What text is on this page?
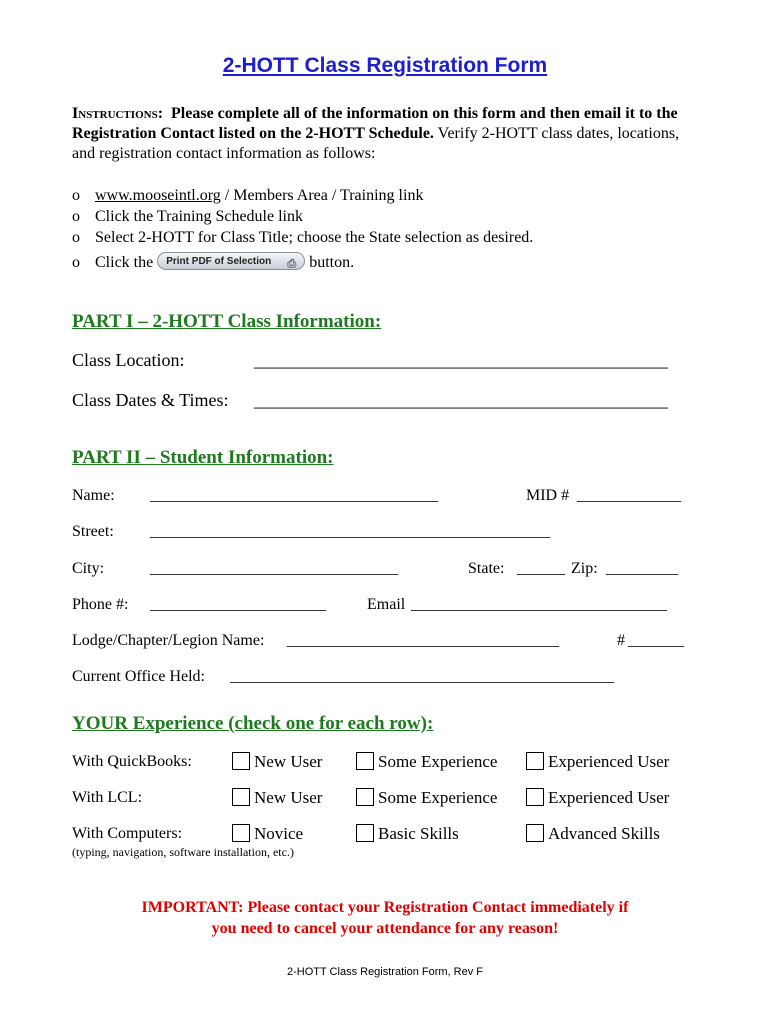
2-HOTT Class Registration Form
Instructions: Please complete all of the information on this form and then email it to the Registration Contact listed on the 2-HOTT Schedule. Verify 2-HOTT class dates, locations, and registration contact information as follows:
o www.mooseintl.org / Members Area / Training link
o Click the Training Schedule link
o Select 2-HOTT for Class Title; choose the State selection as desired.
o Click the Print PDF of Selection ⎙ button.
PART I – 2-HOTT Class Information:
Class Location:	______________________________________________
Class Dates & Times: ______________________________________________
PART II – Student Information:
Name: ____________________________________	MID # _____________
Street: __________________________________________________
City:	_______________________________	State: ______ Zip: _________
Phone #: ______________________	Email ________________________________
Lodge/Chapter/Legion Name: __________________________________	# _______
Current Office Held: ________________________________________________
YOUR Experience (check one for each row):
With QuickBooks:	New User	Some Experience	Experienced User
With LCL:	New User	Some Experience	Experienced User
With Computers:	Novice	Basic Skills	Advanced Skills
(typing, navigation, software installation, etc.)
IMPORTANT: Please contact your Registration Contact immediately if
you need to cancel your attendance for any reason!
2-HOTT Class Registration Form, Rev F
